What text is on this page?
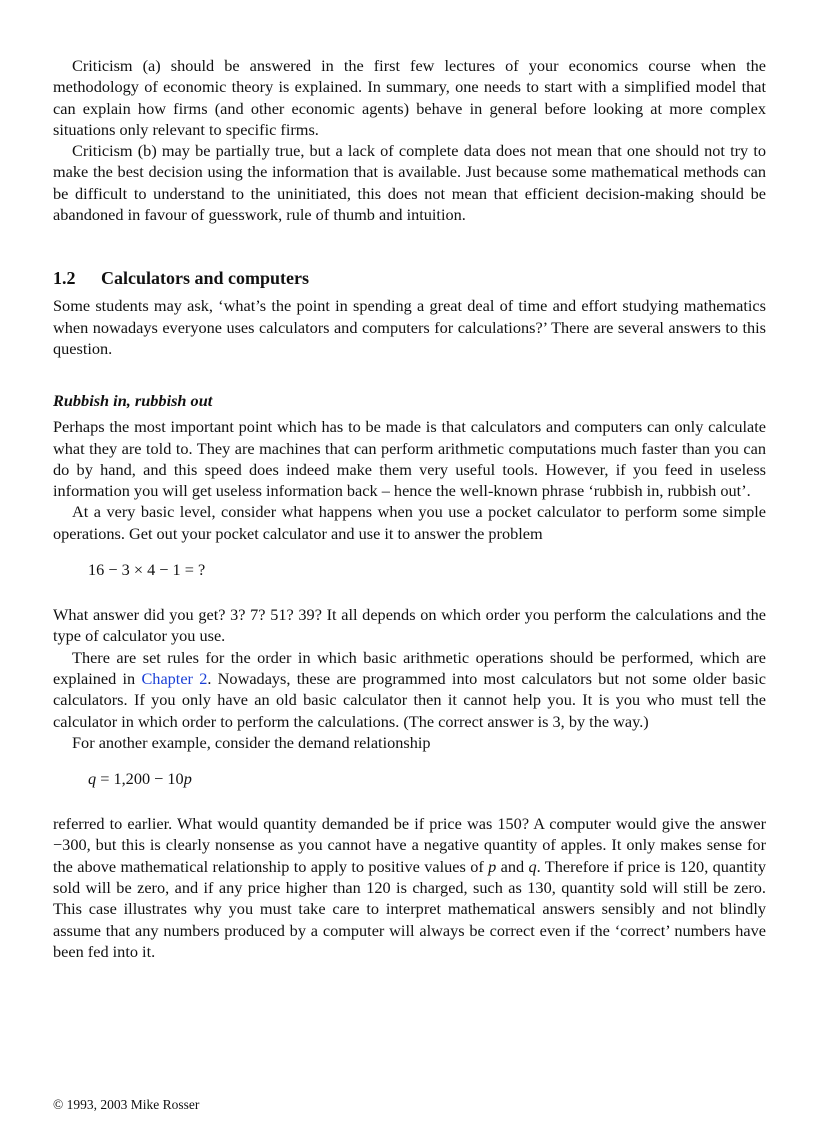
Criticism (a) should be answered in the first few lectures of your economics course when the methodology of economic theory is explained. In summary, one needs to start with a simplified model that can explain how firms (and other economic agents) behave in general before looking at more complex situations only relevant to specific firms.

Criticism (b) may be partially true, but a lack of complete data does not mean that one should not try to make the best decision using the information that is available. Just because some mathematical methods can be difficult to understand to the uninitiated, this does not mean that efficient decision-making should be abandoned in favour of guesswork, rule of thumb and intuition.

1.2 Calculators and computers

Some students may ask, ‘what’s the point in spending a great deal of time and effort studying mathematics when nowadays everyone uses calculators and computers for calculations?’ There are several answers to this question.

Rubbish in, rubbish out

Perhaps the most important point which has to be made is that calculators and computers can only calculate what they are told to. They are machines that can perform arithmetic computations much faster than you can do by hand, and this speed does indeed make them very useful tools. However, if you feed in useless information you will get useless information back – hence the well-known phrase ‘rubbish in, rubbish out’.

At a very basic level, consider what happens when you use a pocket calculator to perform some simple operations. Get out your pocket calculator and use it to answer the problem

16 − 3 × 4 − 1 = ?

What answer did you get? 3? 7? 51? 39? It all depends on which order you perform the calculations and the type of calculator you use.

There are set rules for the order in which basic arithmetic operations should be performed, which are explained in Chapter 2. Nowadays, these are programmed into most calculators but not some older basic calculators. If you only have an old basic calculator then it cannot help you. It is you who must tell the calculator in which order to perform the calculations. (The correct answer is 3, by the way.)

For another example, consider the demand relationship

q = 1,200 − 10p

referred to earlier. What would quantity demanded be if price was 150? A computer would give the answer −300, but this is clearly nonsense as you cannot have a negative quantity of apples. It only makes sense for the above mathematical relationship to apply to positive values of p and q. Therefore if price is 120, quantity sold will be zero, and if any price higher than 120 is charged, such as 130, quantity sold will still be zero. This case illustrates why you must take care to interpret mathematical answers sensibly and not blindly assume that any numbers produced by a computer will always be correct even if the ‘correct’ numbers have been fed into it.

© 1993, 2003 Mike Rosser
